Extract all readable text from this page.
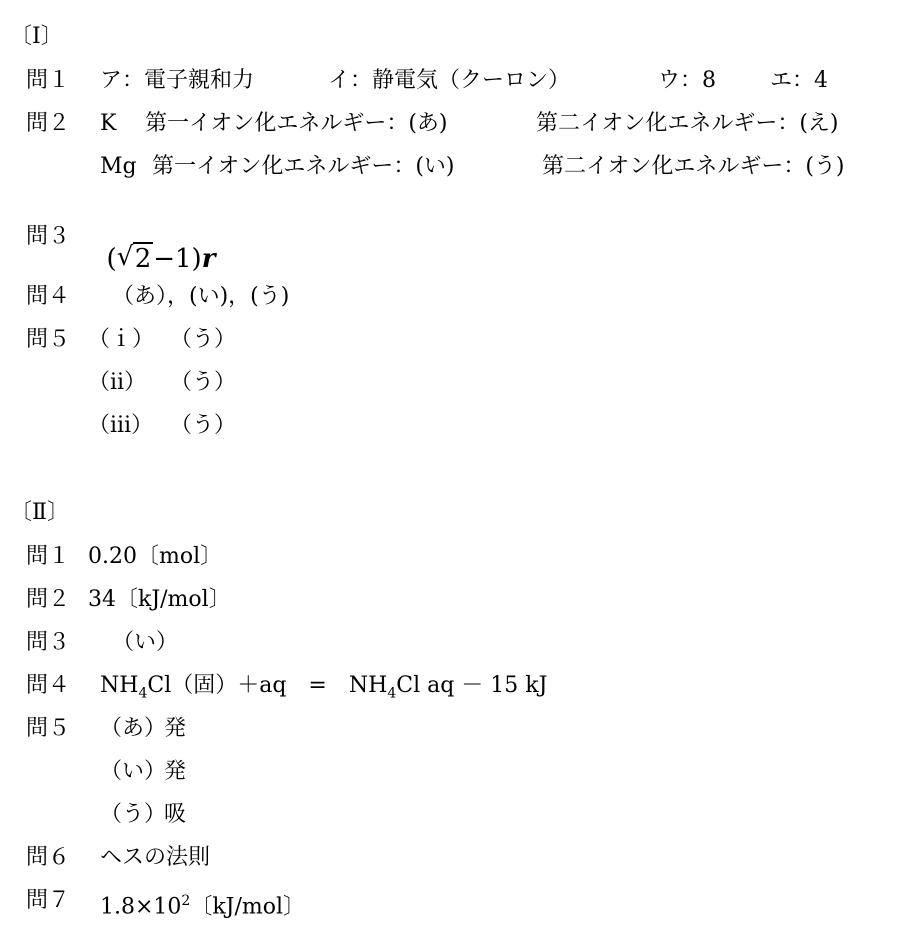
〔Ⅰ〕
問１ ア：電子親和力	イ：静電気（クーロン）	ウ：8 エ：4
問２ K 第一イオン化エネルギー：(あ)	第二イオン化エネルギー：(え)
Mg 第一イオン化エネルギー：(い)	第二イオン化エネルギー：(う)
問３

( √ 2−1)r

問４ （あ），(い)，(う)
問５ （ｉ） （う）
（ⅱ） （う）
（ⅲ） （う）
〔Ⅱ〕
問１ 0.20〔mol〕
問２ 34〔kJ/mol〕
問３ （い）
問４ $NH_4Cl$（固）＋aq　=　$NH_4Cl$ aq － 15 kJ
問５ （あ）
発
（い）
発
（う）
吸
問６ ヘスの法則
問７ $1.8\times 10^2$〔kJ/mol〕
